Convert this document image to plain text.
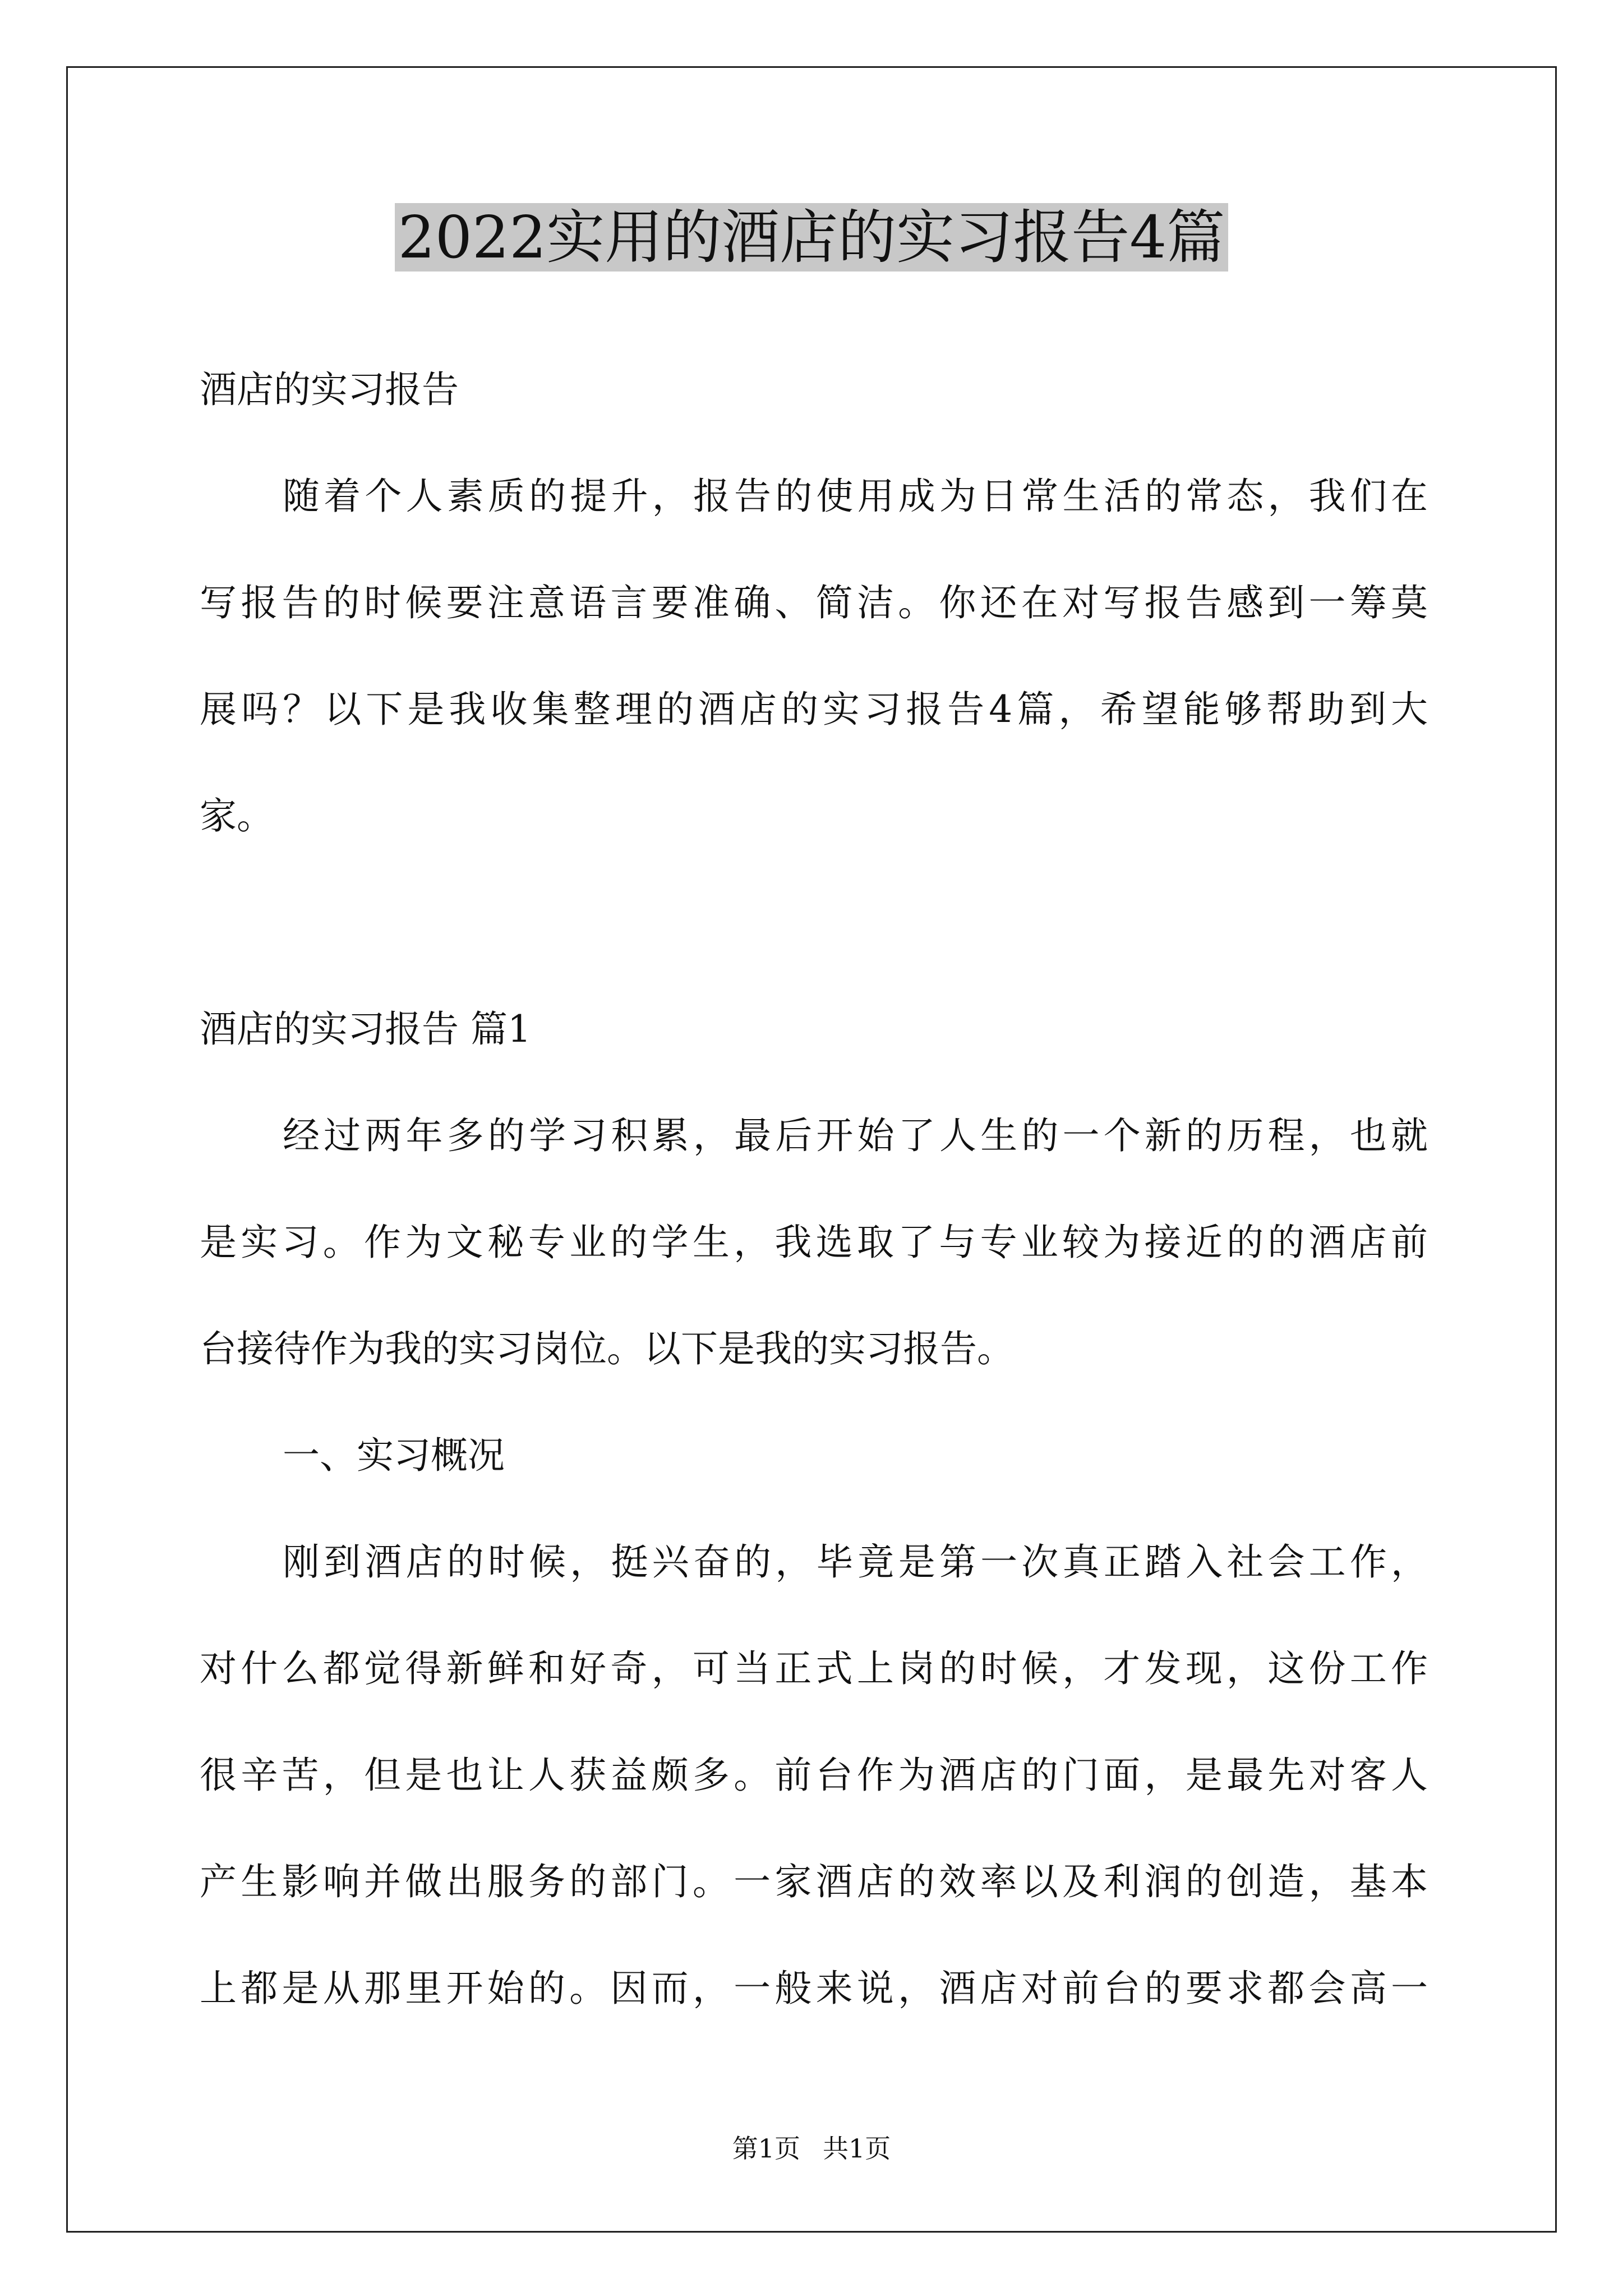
2022实用的酒店的实习报告4篇

酒店的实习报告

随着个人素质的提升，报告的使用成为日常生活的常态，我们在

写报告的时候要注意语言要准确、简洁。你还在对写报告感到一筹莫

展吗？以下是我收集整理的酒店的实习报告4篇，希望能够帮助到大

家。

酒店的实习报告 篇1

经过两年多的学习积累，最后开始了人生的一个新的历程，也就

是实习。作为文秘专业的学生，我选取了与专业较为接近的的酒店前

台接待作为我的实习岗位。以下是我的实习报告。

一、实习概况

刚到酒店的时候，挺兴奋的，毕竟是第一次真正踏入社会工作，

对什么都觉得新鲜和好奇，可当正式上岗的时候，才发现，这份工作

很辛苦，但是也让人获益颇多。前台作为酒店的门面，是最先对客人

产生影响并做出服务的部门。一家酒店的效率以及利润的创造，基本

上都是从那里开始的。因而，一般来说，酒店对前台的要求都会高一

第1页 共1页
